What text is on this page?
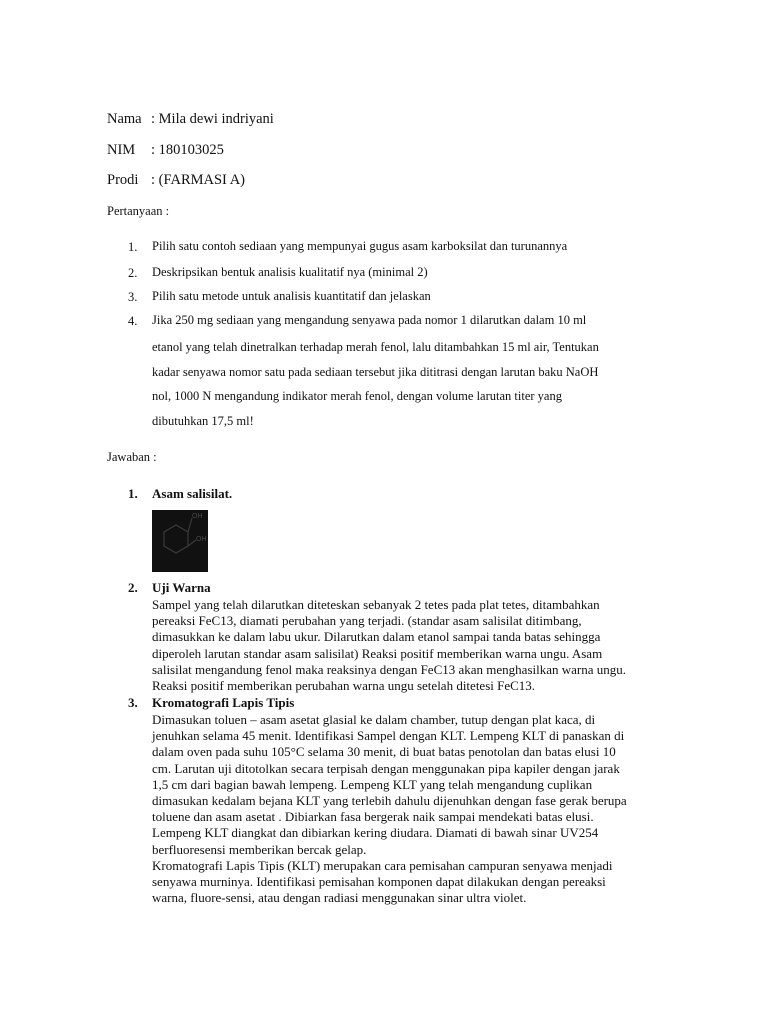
Nama : Mila dewi indriyani
NIM : 180103025
Prodi : (FARMASI A)
Pertanyaan :
1.	Pilih satu contoh sediaan yang mempunyai gugus asam karboksilat dan turunannya
2.	Deskripsikan bentuk analisis kualitatif nya (minimal 2)
3.	Pilih satu metode untuk analisis kuantitatif dan jelaskan
4.	Jika 250 mg sediaan yang mengandung senyawa pada nomor 1 dilarutkan dalam 10 ml
etanol yang telah dinetralkan terhadap merah fenol, lalu ditambahkan 15 ml air, Tentukan
kadar senyawa nomor satu pada sediaan tersebut jika dititrasi dengan larutan baku NaOH
nol, 1000 N mengandung indikator merah fenol, dengan volume larutan titer yang
dibutuhkan 17,5 ml!
Jawaban :
1. Asam salisilat.
OH
OH
2. Uji Warna
Sampel yang telah dilarutkan diteteskan sebanyak 2 tetes pada plat tetes, ditambahkan
pereaksi FeC13, diamati perubahan yang terjadi. (standar asam salisilat ditimbang,
dimasukkan ke dalam labu ukur. Dilarutkan dalam etanol sampai tanda batas sehingga
diperoleh larutan standar asam salisilat) Reaksi positif memberikan warna ungu. Asam
salisilat mengandung fenol maka reaksinya dengan FeC13 akan menghasilkan warna ungu.
Reaksi positif memberikan perubahan warna ungu setelah ditetesi FeC13.
3. Kromatografi Lapis Tipis
Dimasukan toluen – asam asetat glasial ke dalam chamber, tutup dengan plat kaca, di
jenuhkan selama 45 menit. Identifikasi Sampel dengan KLT. Lempeng KLT di panaskan di
dalam oven pada suhu 105°C selama 30 menit, di buat batas penotolan dan batas elusi 10
cm. Larutan uji ditotolkan secara terpisah dengan menggunakan pipa kapiler dengan jarak
1,5 cm dari bagian bawah lempeng. Lempeng KLT yang telah mengandung cuplikan
dimasukan kedalam bejana KLT yang terlebih dahulu dijenuhkan dengan fase gerak berupa
toluene dan asam asetat . Dibiarkan fasa bergerak naik sampai mendekati batas elusi.
Lempeng KLT diangkat dan dibiarkan kering diudara. Diamati di bawah sinar UV254
berfluoresensi memberikan bercak gelap.
Kromatografi Lapis Tipis (KLT) merupakan cara pemisahan campuran senyawa menjadi
senyawa murninya. Identifikasi pemisahan komponen dapat dilakukan dengan pereaksi
warna, fluore-sensi, atau dengan radiasi menggunakan sinar ultra violet.
